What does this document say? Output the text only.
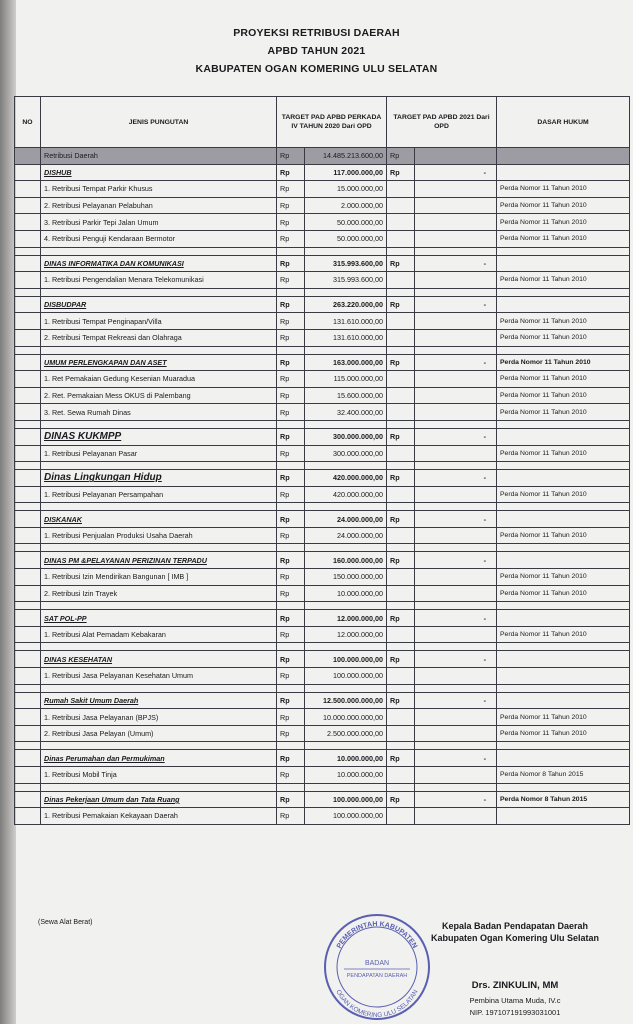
PROYEKSI RETRIBUSI DAERAH
APBD TAHUN 2021
KABUPATEN OGAN KOMERING ULU SELATAN
NO	JENIS PUNGUTAN	TARGET PAD APBD PERKADA IV TAHUN 2020 Dari OPD		TARGET PAD APBD 2021 Dari OPD		DASAR HUKUM
	Retribusi Daerah	Rp	14.485.213.600,00	Rp		
	DISHUB	Rp	117.000.000,00	Rp	-	
	1. Retribusi Tempat Parkir Khusus	Rp	15.000.000,00			Perda Nomor 11 Tahun 2010
	2. Retribusi Pelayanan Pelabuhan	Rp	2.000.000,00			Perda Nomor 11 Tahun 2010
	3. Retribusi Parkir Tepi Jalan Umum	Rp	50.000.000,00			Perda Nomor 11 Tahun 2010
	4. Retribusi Penguji Kendaraan Bermotor	Rp	50.000.000,00			Perda Nomor 11 Tahun 2010

	DINAS INFORMATIKA DAN KOMUNIKASI	Rp	315.993.600,00	Rp	-	
	1. Retribusi Pengendalian Menara Telekomunikasi	Rp	315.993.600,00			Perda Nomor 11 Tahun 2010

	DISBUDPAR	Rp	263.220.000,00	Rp	-	
	1. Retribusi Tempat Penginapan/Villa	Rp	131.610.000,00			Perda Nomor 11 Tahun 2010
	2. Retribusi Tempat Rekreasi dan Olahraga	Rp	131.610.000,00			Perda Nomor 11 Tahun 2010

	UMUM PERLENGKAPAN DAN ASET	Rp	163.000.000,00	Rp	-	Perda Nomor 11 Tahun 2010
	1. Ret Pemakaian Gedung Kesenian Muaradua	Rp	115.000.000,00			Perda Nomor 11 Tahun 2010
	2. Ret. Pemakaian Mess OKUS di Palembang	Rp	15.600.000,00			Perda Nomor 11 Tahun 2010
	3. Ret. Sewa Rumah Dinas	Rp	32.400.000,00			Perda Nomor 11 Tahun 2010

	DINAS KUKMPP	Rp	300.000.000,00	Rp	-	
	1. Retribusi Pelayanan Pasar	Rp	300.000.000,00			Perda Nomor 11 Tahun 2010

	Dinas Lingkungan Hidup	Rp	420.000.000,00	Rp	-	
	1. Retribusi Pelayanan Persampahan	Rp	420.000.000,00			Perda Nomor 11 Tahun 2010

	DISKANAK	Rp	24.000.000,00	Rp	-	
	1. Retribusi Penjualan Produksi Usaha Daerah	Rp	24.000.000,00			Perda Nomor 11 Tahun 2010

	DINAS PM &PELAYANAN PERIZINAN TERPADU	Rp	160.000.000,00	Rp	-	
	1. Retribusi Izin Mendirikan Bangunan [ IMB ]	Rp	150.000.000,00			Perda Nomor 11 Tahun 2010
	2. Retribusi Izin Trayek	Rp	10.000.000,00			Perda Nomor 11 Tahun 2010

	SAT POL-PP	Rp	12.000.000,00	Rp	-	
	1. Retribusi Alat Pemadam Kebakaran	Rp	12.000.000,00			Perda Nomor 11 Tahun 2010

	DINAS KESEHATAN	Rp	100.000.000,00	Rp	-	
	1. Retribusi Jasa Pelayanan Kesehatan Umum	Rp	100.000.000,00			

	Rumah Sakit Umum Daerah	Rp	12.500.000.000,00	Rp	-	
	1. Retribusi Jasa Pelayanan (BPJS)	Rp	10.000.000.000,00			Perda Nomor 11 Tahun 2010
	2. Retribusi Jasa Pelayan (Umum)	Rp	2.500.000.000,00			Perda Nomor 11 Tahun 2010

	Dinas Perumahan dan Permukiman	Rp	10.000.000,00	Rp	-	
	1. Retribusi Mobil Tinja	Rp	10.000.000,00			Perda Nomor 8 Tahun 2015

	Dinas Pekerjaan Umum dan Tata Ruang	Rp	100.000.000,00	Rp	-	Perda Nomor 8 Tahun 2015
	1. Retribusi Pemakaian Kekayaan Daerah	Rp	100.000.000,00			
(Sewa Alat Berat)
PEMERINTAH KABUPATEN
OGAN KOMERING ULU SELATAN
BADAN
PENDAPATAN DAERAH
Kepala Badan Pendapatan Daerah
Kabupaten Ogan Komering Ulu Selatan
Drs. ZINKULIN, MM
Pembina Utama Muda, IV.c
NIP. 197107191993031001
